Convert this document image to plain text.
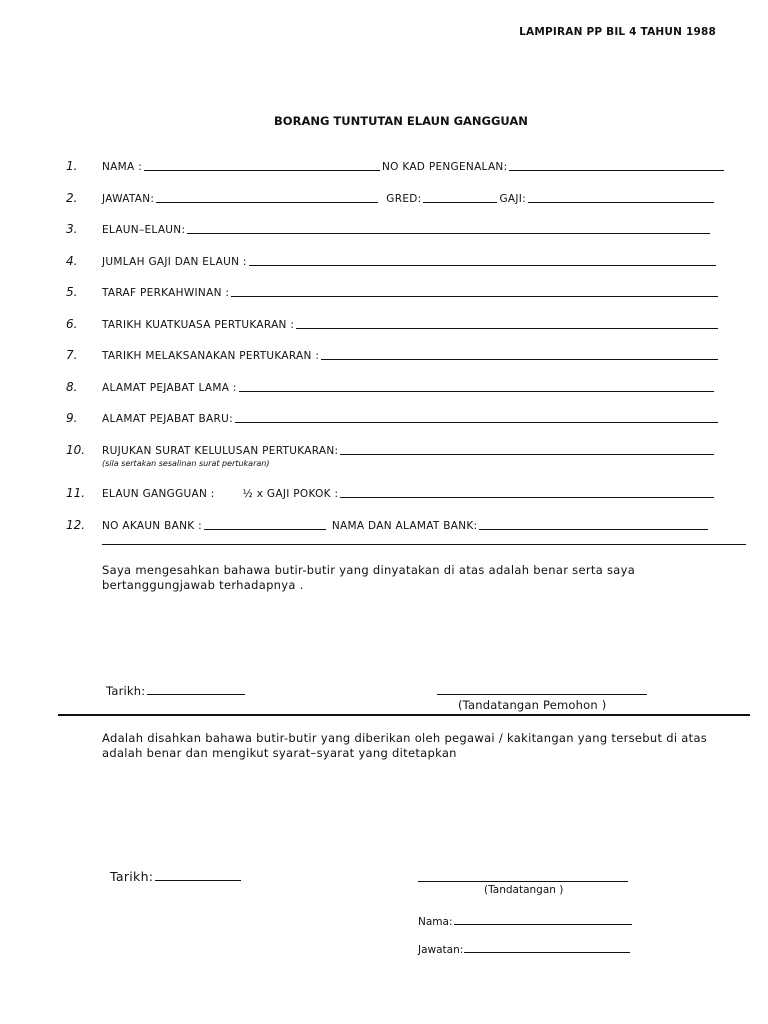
LAMPIRAN PP BIL 4 TAHUN 1988
BORANG TUNTUTAN ELAUN GANGGUAN
1. NAMA :	NO KAD PENGENALAN:
2. JAWATAN:	GRED:	GAJI:
3. ELAUN–ELAUN:
4. JUMLAH GAJI DAN ELAUN :
5. TARAF PERKAHWINAN :
6. TARIKH KUATKUASA PERTUKARAN :
7. TARIKH MELAKSANAKAN PERTUKARAN :
8. ALAMAT PEJABAT LAMA :
9. ALAMAT PEJABAT BARU:
10. RUJUKAN SURAT KELULUSAN PERTUKARAN:
(sila sertakan sesalinan surat pertukaran)
11. ELAUN GANGGUAN :	½ x GAJI POKOK :
12. NO AKAUN BANK :	NAMA DAN ALAMAT BANK:
Saya mengesahkan bahawa butir-butir yang dinyatakan di atas adalah benar serta saya
bertanggungjawab terhadapnya .
Tarikh:
(Tandatangan Pemohon )
Adalah disahkan bahawa butir-butir yang diberikan oleh pegawai / kakitangan yang tersebut di atas
adalah benar dan mengikut syarat–syarat yang ditetapkan
Tarikh:
(Tandatangan )
Nama:
Jawatan:
